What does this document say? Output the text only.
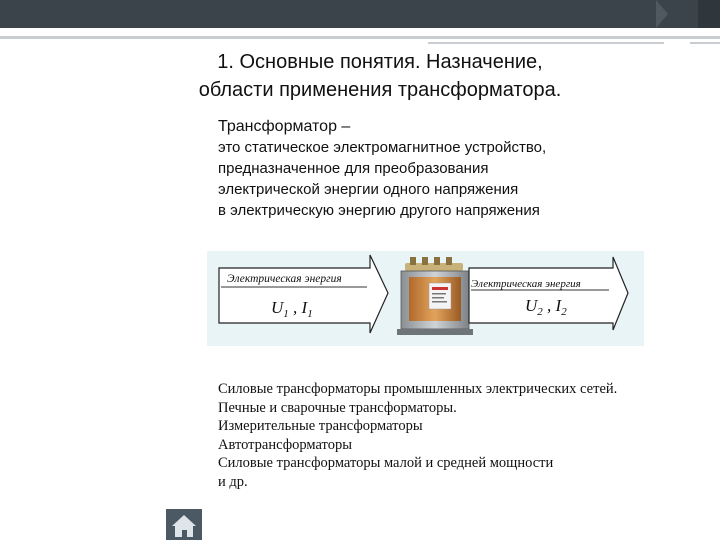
1. Основные понятия. Назначение,
области применения трансформатора.
Трансформатор –
это статическое электромагнитное устройство,
предназначенное для преобразования
электрической энергии одного напряжения
в электрическую энергию другого напряжения
Электрическая энергия
$U_1$ , $I_1$
Электрическая энергия
$U_2$ , $I_2$
Силовые трансформаторы промышленных электрических сетей.
Печные и сварочные трансформаторы.
Измерительные трансформаторы
Автотрансформаторы
Силовые трансформаторы малой и средней мощности
и др.
